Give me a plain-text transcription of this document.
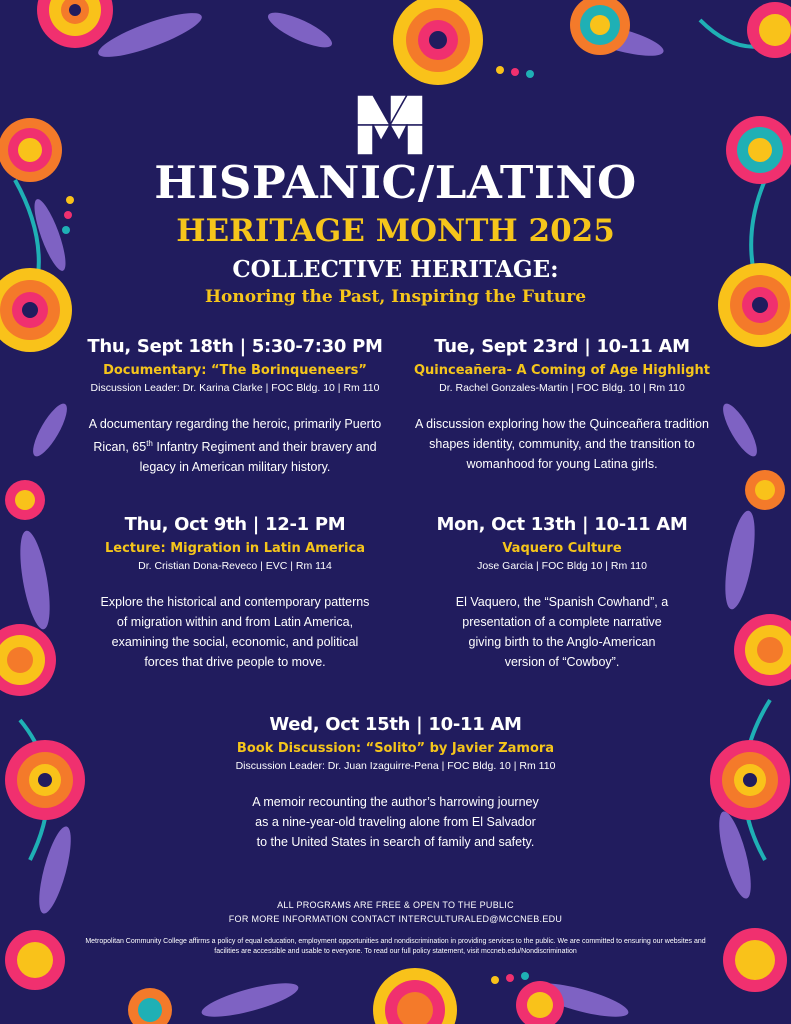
HISPANIC/LATINO
HERITAGE MONTH 2025
COLLECTIVE HERITAGE:
Honoring the Past, Inspiring the Future
Thu, Sept 18th | 5:30-7:30 PM
Documentary: “The Borinqueneers”
Discussion Leader: Dr. Karina Clarke | FOC Bldg. 10 | Rm 110
A documentary regarding the heroic, primarily Puerto Rican, 65th Infantry Regiment and their bravery and legacy in American military history.
Tue, Sept 23rd | 10-11 AM
Quinceañera- A Coming of Age Highlight
Dr. Rachel Gonzales-Martin | FOC Bldg. 10 | Rm 110
A discussion exploring how the Quinceañera tradition shapes identity, community, and the transition to womanhood for young Latina girls.
Thu, Oct 9th | 12-1 PM
Lecture: Migration in Latin America
Dr. Cristian Dona-Reveco | EVC | Rm 114
Explore the historical and contemporary patterns of migration within and from Latin America, examining the social, economic, and political forces that drive people to move.
Mon, Oct 13th | 10-11 AM
Vaquero Culture
Jose Garcia | FOC Bldg 10 | Rm 110
El Vaquero, the “Spanish Cowhand”, a presentation of a complete narrative giving birth to the Anglo-American version of “Cowboy”.
Wed, Oct 15th | 10-11 AM
Book Discussion: “Solito” by Javier Zamora
Discussion Leader: Dr. Juan Izaguirre-Pena | FOC Bldg. 10 | Rm 110
A memoir recounting the author’s harrowing journey as a nine-year-old traveling alone from El Salvador to the United States in search of family and safety.
ALL PROGRAMS ARE FREE & OPEN TO THE PUBLIC
FOR MORE INFORMATION CONTACT INTERCULTURALED@MCCNEB.EDU
Metropolitan Community College affirms a policy of equal education, employment opportunities and nondiscrimination in providing services to the public. We are committed to ensuring our websites and facilities are accessible and usable to everyone. To read our full policy statement, visit mccneb.edu/Nondiscrimination
